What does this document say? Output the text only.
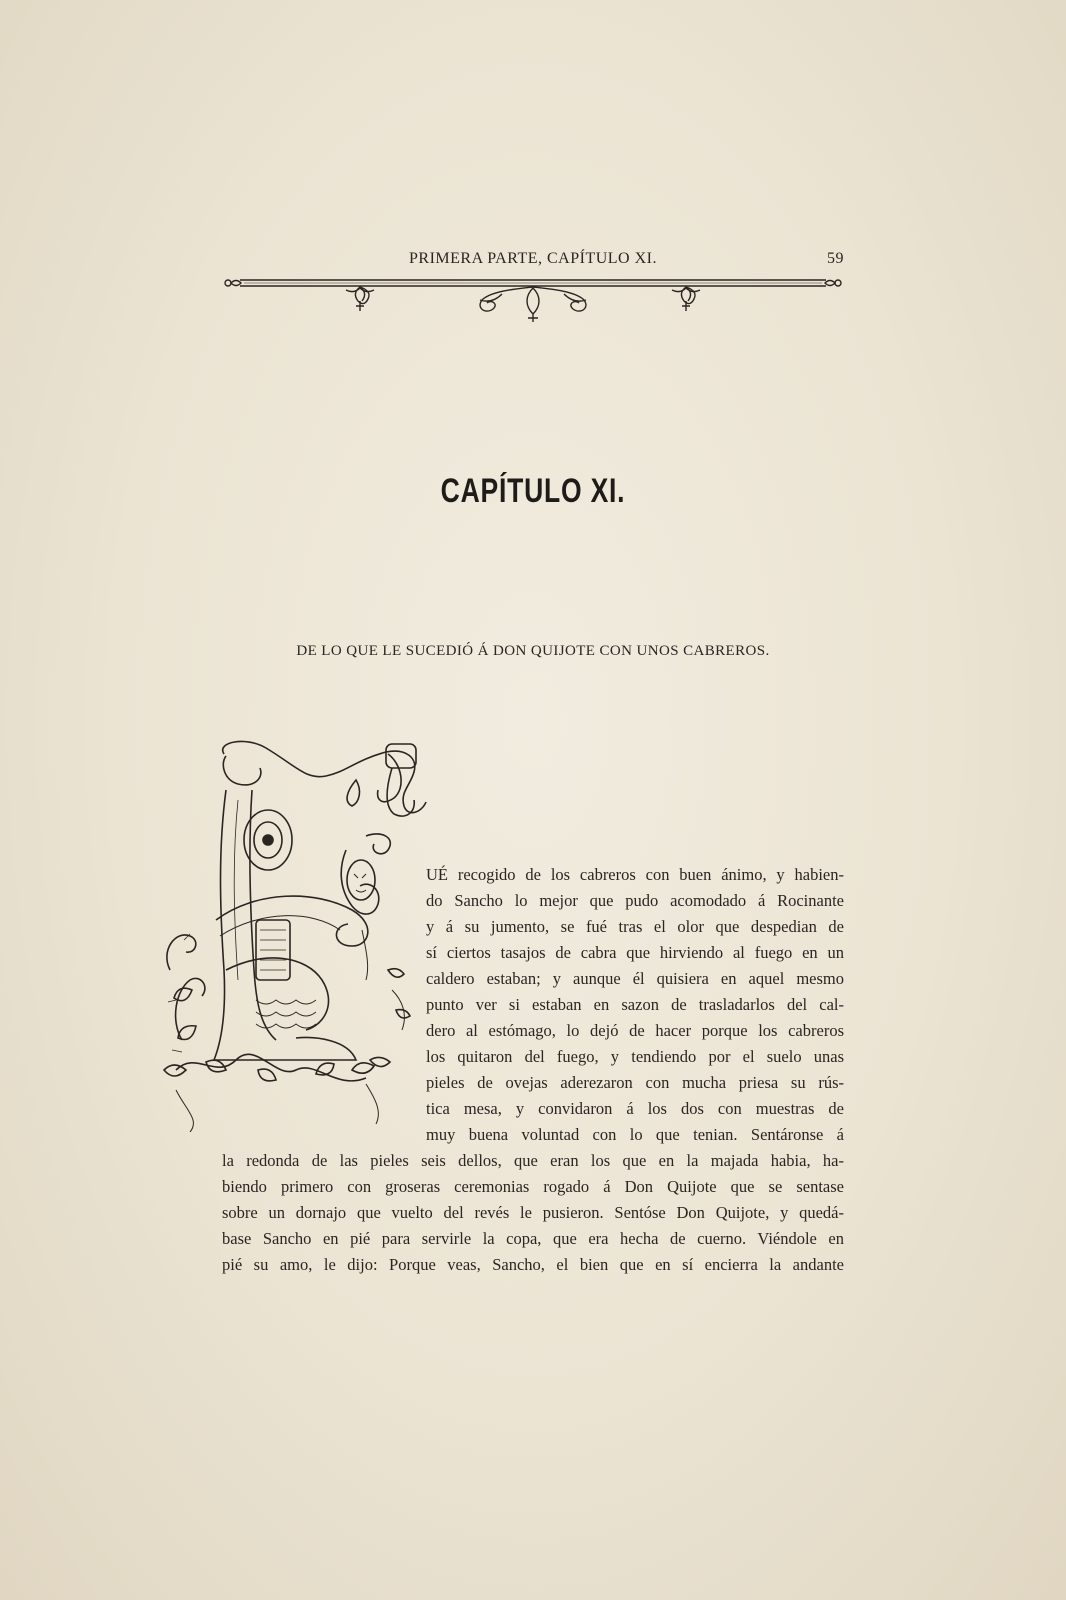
PRIMERA PARTE, CAPÍTULO XI.	59
CAPÍTULO XI.
DE LO QUE LE SUCEDIÓ Á DON QUIJOTE CON UNOS CABREROS.
UÉ recogido de los cabreros con buen ánimo, y habien-
do Sancho lo mejor que pudo acomodado á Rocinante
y á su jumento, se fué tras el olor que despedian de
sí ciertos tasajos de cabra que hirviendo al fuego en un
caldero estaban; y aunque él quisiera en aquel mesmo
punto ver si estaban en sazon de trasladarlos del cal-
dero al estómago, lo dejó de hacer porque los cabreros
los quitaron del fuego, y tendiendo por el suelo unas
pieles de ovejas aderezaron con mucha priesa su rús-
tica mesa, y convidaron á los dos con muestras de
muy buena voluntad con lo que tenian. Sentáronse á
la redonda de las pieles seis dellos, que eran los que en la majada habia, ha-
biendo primero con groseras ceremonias rogado á Don Quijote que se sentase
sobre un dornajo que vuelto del revés le pusieron. Sentóse Don Quijote, y quedá-
base Sancho en pié para servirle la copa, que era hecha de cuerno. Viéndole en
pié su amo, le dijo: Porque veas, Sancho, el bien que en sí encierra la andante
